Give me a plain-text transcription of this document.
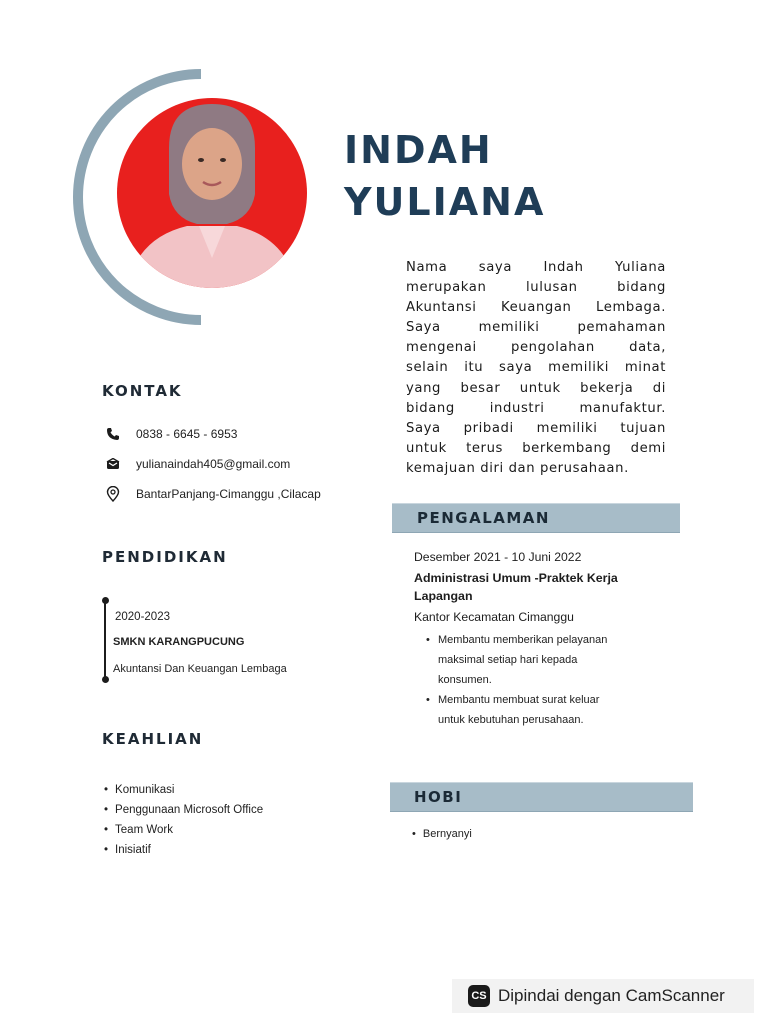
INDAH
YULIANA
Nama saya Indah Yuliana
merupakan lulusan bidang
Akuntansi Keuangan Lembaga.
Saya memiliki pemahaman
mengenai pengolahan data,
selain itu saya memiliki minat
yang besar untuk bekerja di
bidang industri manufaktur.
Saya pribadi memiliki tujuan
untuk terus berkembang demi
kemajuan diri dan perusahaan.
KONTAK
0838 - 6645 - 6953
yulianaindah405@gmail.com
BantarPanjang-Cimanggu ,Cilacap
PENDIDIKAN
2020-2023
SMKN KARANGPUCUNG
Akuntansi Dan Keuangan Lembaga
KEAHLIAN
• Komunikasi
• Penggunaan Microsoft Office
• Team Work
• Inisiatif
PENGALAMAN
Desember 2021 - 10 Juni 2022
Administrasi Umum -Praktek Kerja Lapangan
Kantor Kecamatan Cimanggu
• Membantu memberikan pelayanan maksimal setiap hari kepada konsumen.
• Membantu membuat surat keluar untuk kebutuhan perusahaan.
HOBI
• Bernyanyi
CS Dipindai dengan CamScanner
